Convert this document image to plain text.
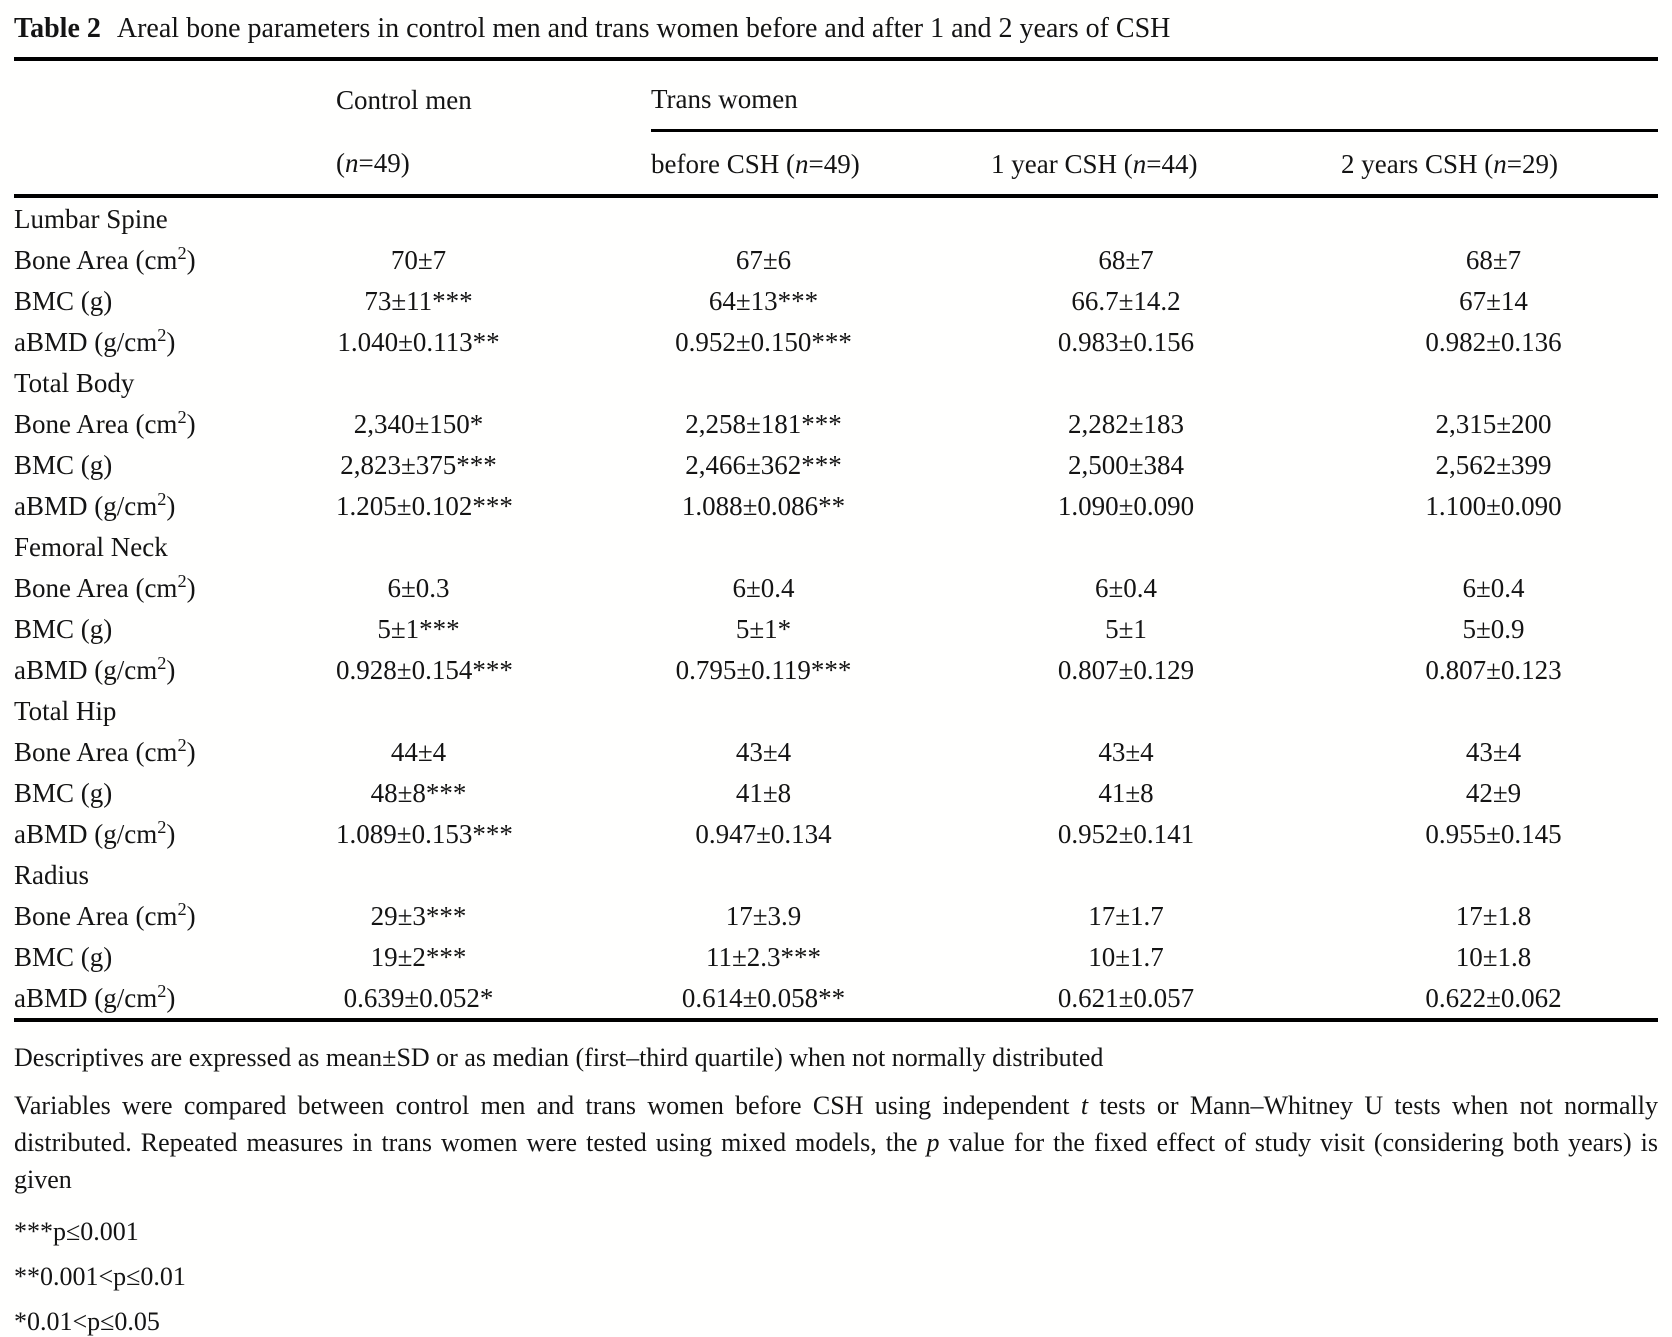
Table 2 Areal bone parameters in control men and trans women before and after 1 and 2 years of CSH

	Control men	Trans women		
	(n=49)	before CSH (n=49)	1 year CSH (n=44)	2 years CSH (n=29)
Lumbar Spine				
Bone Area $(cm^2)$	70±7	67±6	68±7	68±7
BMC (g)	73±11***	64±13***	66.7±14.2	67±14
aBMD $(g/cm^2)$	1.040±0.113**	0.952±0.150***	0.983±0.156	0.982±0.136
Total Body				
Bone Area $(cm^2)$	2,340±150*	2,258±181***	2,282±183	2,315±200
BMC (g)	2,823±375***	2,466±362***	2,500±384	2,562±399
aBMD $(g/cm^2)$	1.205±0.102***	1.088±0.086**	1.090±0.090	1.100±0.090
Femoral Neck				
Bone Area $(cm^2)$	6±0.3	6±0.4	6±0.4	6±0.4
BMC (g)	5±1***	5±1*	5±1	5±0.9
aBMD $(g/cm^2)$	0.928±0.154***	0.795±0.119***	0.807±0.129	0.807±0.123
Total Hip				
Bone Area $(cm^2)$	44±4	43±4	43±4	43±4
BMC (g)	48±8***	41±8	41±8	42±9
aBMD $(g/cm^2)$	1.089±0.153***	0.947±0.134	0.952±0.141	0.955±0.145
Radius				
Bone Area $(cm^2)$	29±3***	17±3.9	17±1.7	17±1.8
BMC (g)	19±2***	11±2.3***	10±1.7	10±1.8
aBMD $(g/cm^2)$	0.639±0.052*	0.614±0.058**	0.621±0.057	0.622±0.062

Descriptives are expressed as mean±SD or as median (first–third quartile) when not normally distributed

Variables were compared between control men and trans women before CSH using independent t tests or Mann–Whitney U tests when not normally distributed. Repeated measures in trans women were tested using mixed models, the p value for the fixed effect of study visit (considering both years) is given

***p≤0.001

**0.001<p≤0.01

*0.01<p≤0.05
